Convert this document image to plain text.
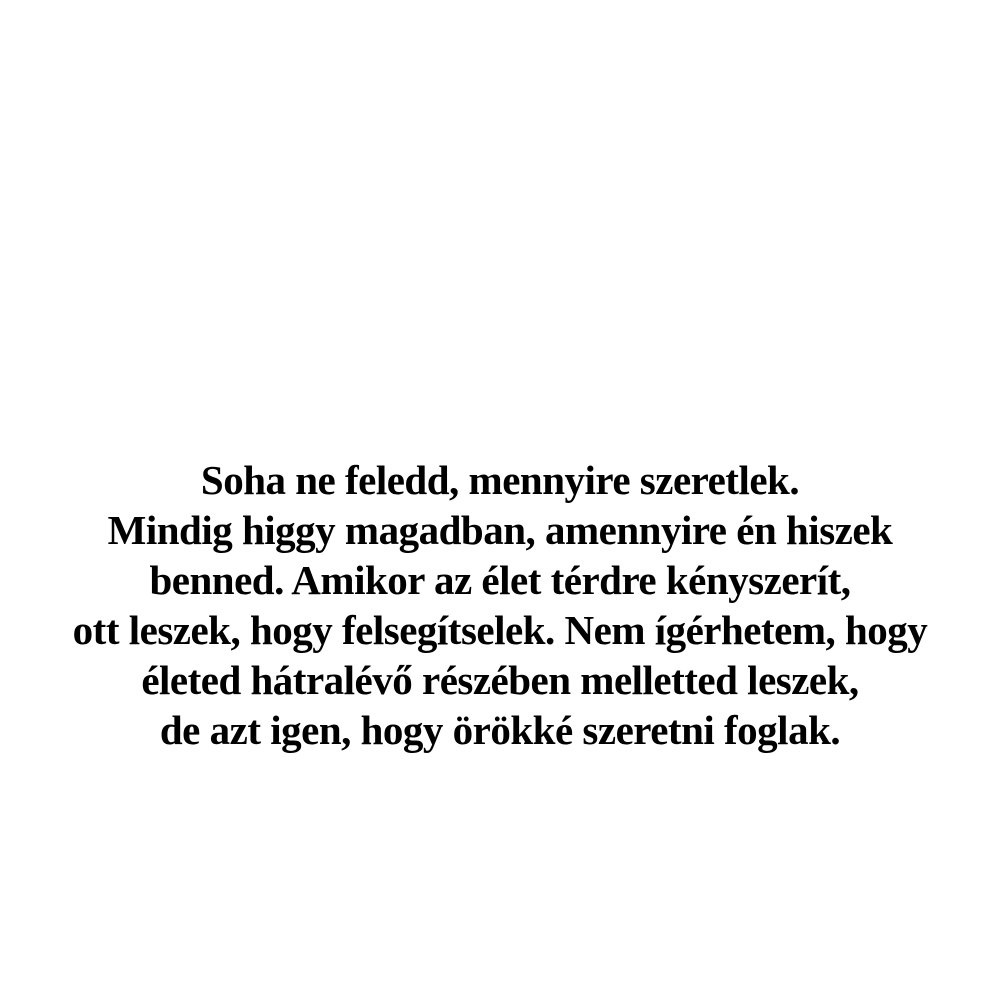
Soha ne feledd, mennyire szeretlek.
Mindig higgy magadban, amennyire én hiszek
benned. Amikor az élet térdre kényszerít,
ott leszek, hogy felsegítselek. Nem ígérhetem, hogy
életed hátralévő részében melletted leszek,
de azt igen, hogy örökké szeretni foglak.
